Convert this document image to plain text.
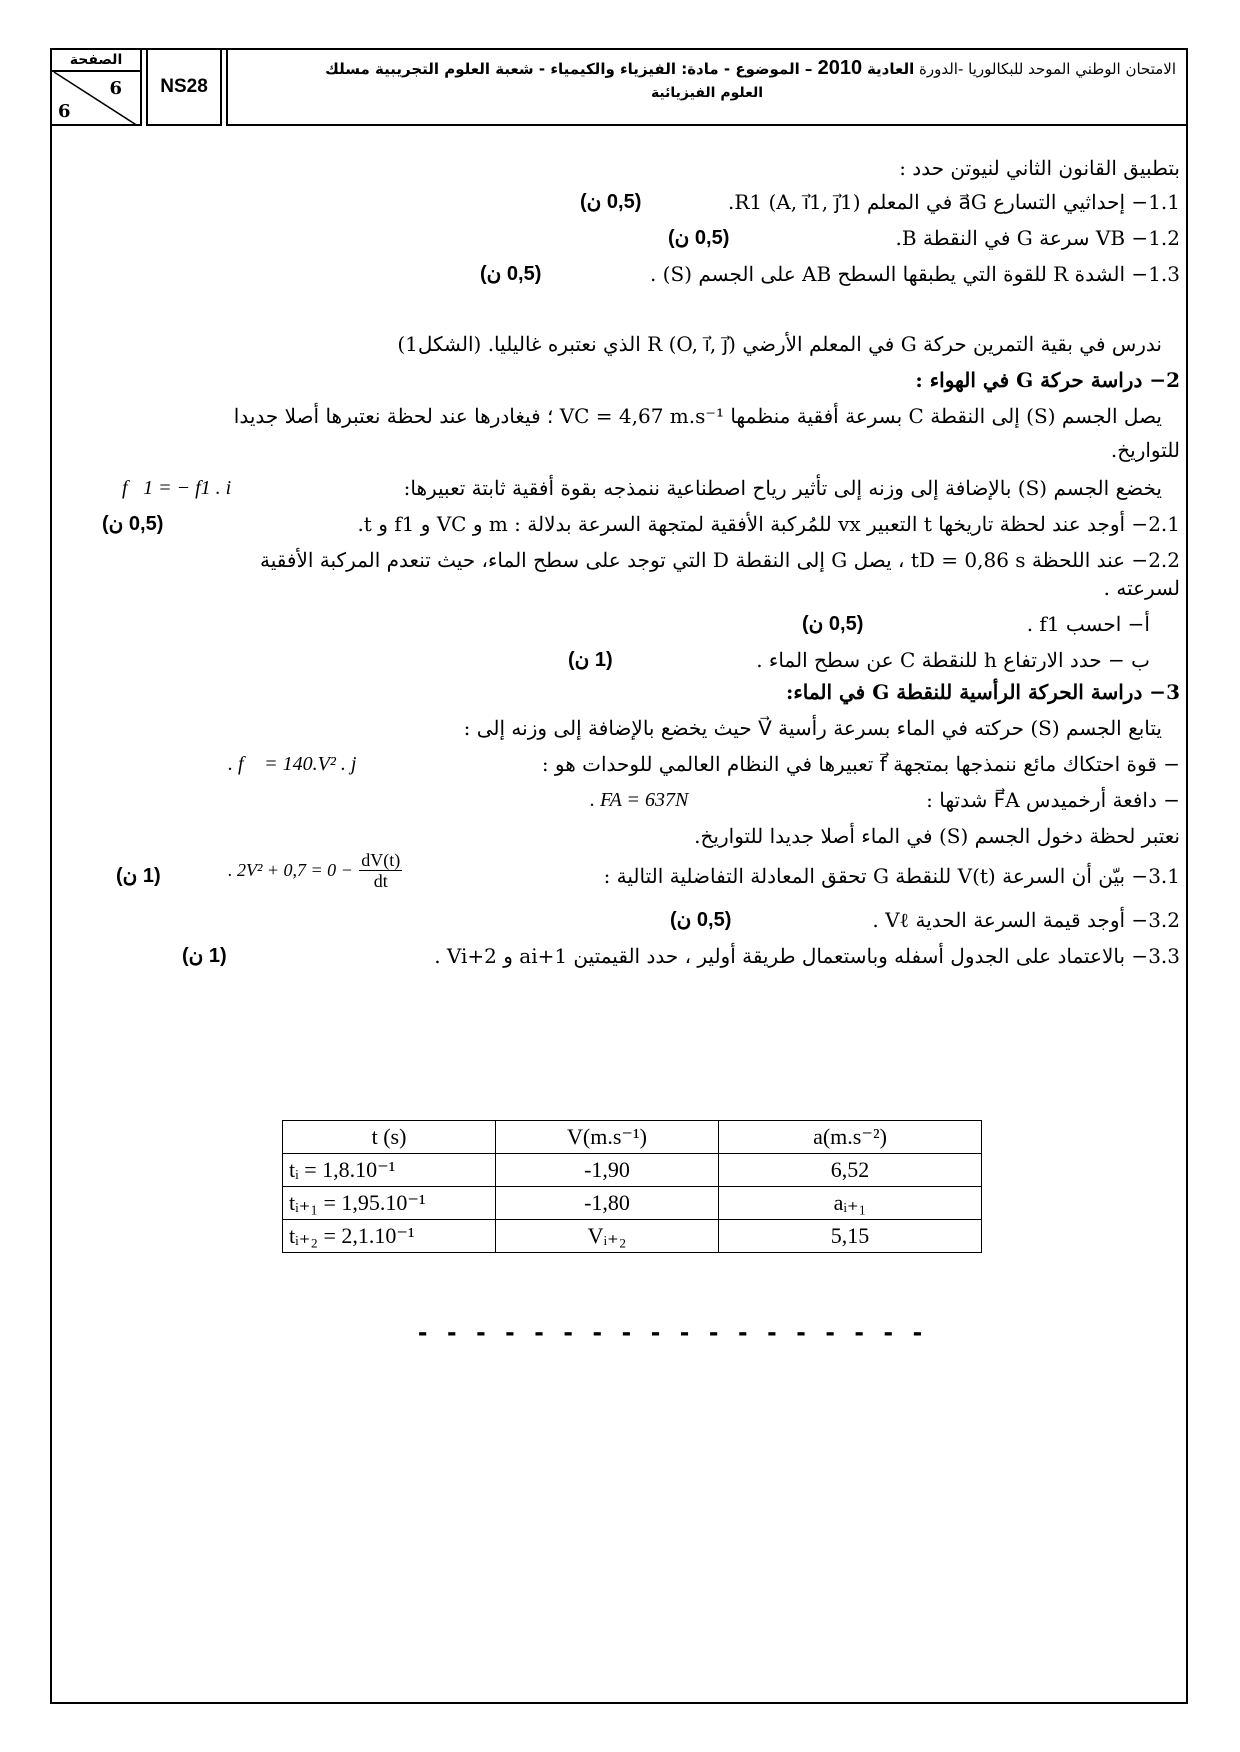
الصفحة
6
6
NS28
الامتحان الوطني الموحد للبكالوريا -الدورة العادية 2010 – الموضوع - مادة: الفيزياء والكيمياء - شعبة العلوم التجريبية مسلك
العلوم الفيزيائية
بتطبيق القانون الثاني لنيوتن حدد :
1.1− إحداثيي التسارع a⃗G في المعلم R1 (A, i⃗1, j⃗1).
(0,5 ن)
1.2− VB سرعة G في النقطة B.
(0,5 ن)
1.3− الشدة R للقوة التي يطبقها السطح AB على الجسم (S) .
(0,5 ن)
ندرس في بقية التمرين حركة G في المعلم الأرضي R (O, i⃗, j⃗) الذي نعتبره غاليليا. (الشكل1)
2− دراسة حركة G في الهواء :
يصل الجسم (S) إلى النقطة C بسرعة أفقية منظمها VC = 4,67 m.s⁻¹ ؛ فيغادرها عند لحظة نعتبرها أصلا جديدا
للتواريخ.
يخضع الجسم (S) بالإضافة إلى وزنه إلى تأثير رياح اصطناعية ننمذجه بقوة أفقية ثابتة تعبيرها:
f⃗1 = − f1 . i⃗
2.1− أوجد عند لحظة تاريخها t التعبير vx للمُركبة الأفقية لمتجهة السرعة بدلالة : m و VC و f1 و t.
(0,5 ن)
2.2− عند اللحظة tD = 0,86 s ، يصل G إلى النقطة D التي توجد على سطح الماء، حيث تنعدم المركبة الأفقية
لسرعته .
أ− احسب f1 .
(0,5 ن)
ب − حدد الارتفاع h للنقطة C عن سطح الماء .
(1 ن)
3− دراسة الحركة الرأسية للنقطة G في الماء:
يتابع الجسم (S) حركته في الماء بسرعة رأسية V⃗ حيث يخضع بالإضافة إلى وزنه إلى :
− قوة احتكاك مائع ننمذجها بمتجهة f⃗ تعبيرها في النظام العالمي للوحدات هو :
f⃗ = 140.V² . j⃗ .
− دافعة أرخميدس F⃗A شدتها :
FA = 637N .
نعتبر لحظة دخول الجسم (S) في الماء أصلا جديدا للتواريخ.
3.1− بيّن أن السرعة V(t) للنقطة G تحقق المعادلة التفاضلية التالية :
$\frac{dV(t)}{dt}$
− 2V² + 0,7 = 0 .
(1 ن)
3.2− أوجد قيمة السرعة الحدية Vℓ .
(0,5 ن)
3.3− بالاعتماد على الجدول أسفله وباستعمال طريقة أولير ، حدد القيمتين ai+1 و Vi+2 .
(1 ن)
t (s)	V(m.s⁻¹)	a(m.s⁻²)
tᵢ = 1,8.10⁻¹	-1,90	6,52
tᵢ₊₁ = 1,95.10⁻¹	-1,80	aᵢ₊₁
tᵢ₊₂ = 2,1.10⁻¹	Vᵢ₊₂	5,15
- - - - - - - - - - - - - - - - - -
